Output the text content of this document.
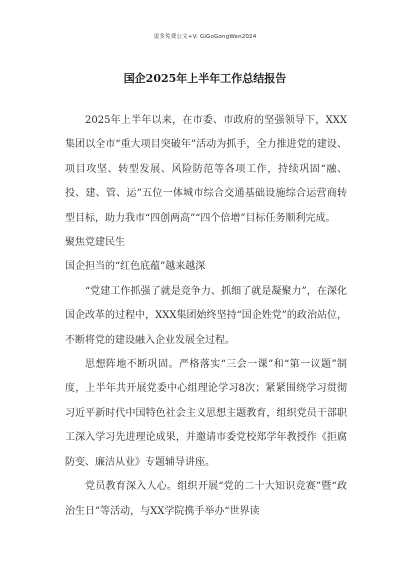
更多免费公文+V: GiGoGongWen2024
国企2025年上半年工作总结报告

2025年上半年以来，在市委、市政府的坚强领导下，XXX集团以全市“重大项目突破年”活动为抓手，全力推进党的建设、项目攻坚、转型发展、风险防范等各项工作，持续巩固“融、投、建、管、运”五位一体城市综合交通基础设施综合运营商转型目标，助力我市“四创两高”“四个倍增”目标任务顺利完成。

聚焦党建民生

国企担当的“红色底蕴”越来越深

“党建工作抓强了就是竞争力、抓细了就是凝聚力”，在深化国企改革的过程中，XXX集团始终坚持“国企姓党”的政治站位，不断将党的建设融入企业发展全过程。

思想阵地不断巩固。严格落实“三会一课”和“第一议题”制度，上半年共开展党委中心组理论学习8次；紧紧围绕学习贯彻习近平新时代中国特色社会主义思想主题教育，组织党员干部职工深入学习先进理论成果，并邀请市委党校郑学年教授作《拒腐防变、廉洁从业》专题辅导讲座。

党员教育深入人心。组织开展“党的二十大知识竞赛”暨“政治生日”等活动，与XX学院携手举办“世界读
